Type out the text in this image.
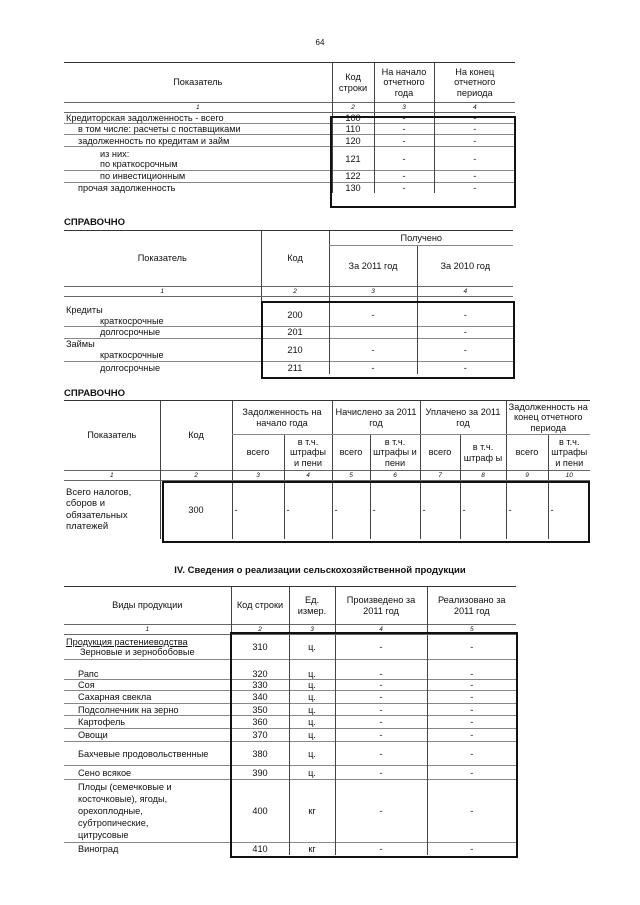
64
Показатель	Код строки	На начало отчетного года	На конец отчетного периода
1	2	3	4
Кредиторская задолженность - всего	100	-	-
в том числе: расчеты с поставщиками	110	-	-
задолженность по кредитам и займ	120	-	-

из них:
по краткосрочным	121	-	-
по инвестиционным	122	-	-
прочая задолженность	130	-	-
СПРАВОЧНО
Показатель	Код	Получено	
		За 2011 год	За 2010 год
1	2	3	4

Кредиты	200	-	-
краткосрочные			
долгосрочные	201		-
Займы	210	-	-
краткосрочные			
долгосрочные	211	-	-
СПРАВОЧНО
Показатель	Код	Задолженность на начало года		Начислено за 2011 год		Уплачено за 2011 год		Задолженность на конец отчетного периода	
		всего	в т.ч. штрафы и пени	всего	в т.ч. штрафы и пени	всего	в т.ч. штраф ы	всего	в т.ч. штрафы и пени
1	2	3	4	5	6	7	8	9	10
Всего налогов, сборов и обязательных платежей	300	-	-	-	-	-	-	-	-
IV. Сведения о реализации сельскохозяйственной продукции
Виды продукции	Код строки	Ед. измер.	Произведено за 2011 год	Реализовано за 2011 год
1	2	3	4	5

Продукция растениеводства
Зерновые и зернобобовые	310	ц.	-	-

Рапс	320	ц.	-	-
Соя	330	ц.	-	-
Сахарная свекла	340	ц.	-	-
Подсолнечник на зерно	350	ц.	-	-
Картофель	360	ц.	-	-
Овощи	370	ц.	-	-
Бахчевые продовольственные	380	ц.	-	-
Сено всякое	390	ц.	-	-
Плоды (семечковые и косточковые), ягоды, орехоплодные, субтропические, цитрусовые	400	кг	-	-
Виноград	410	кг	-	-
